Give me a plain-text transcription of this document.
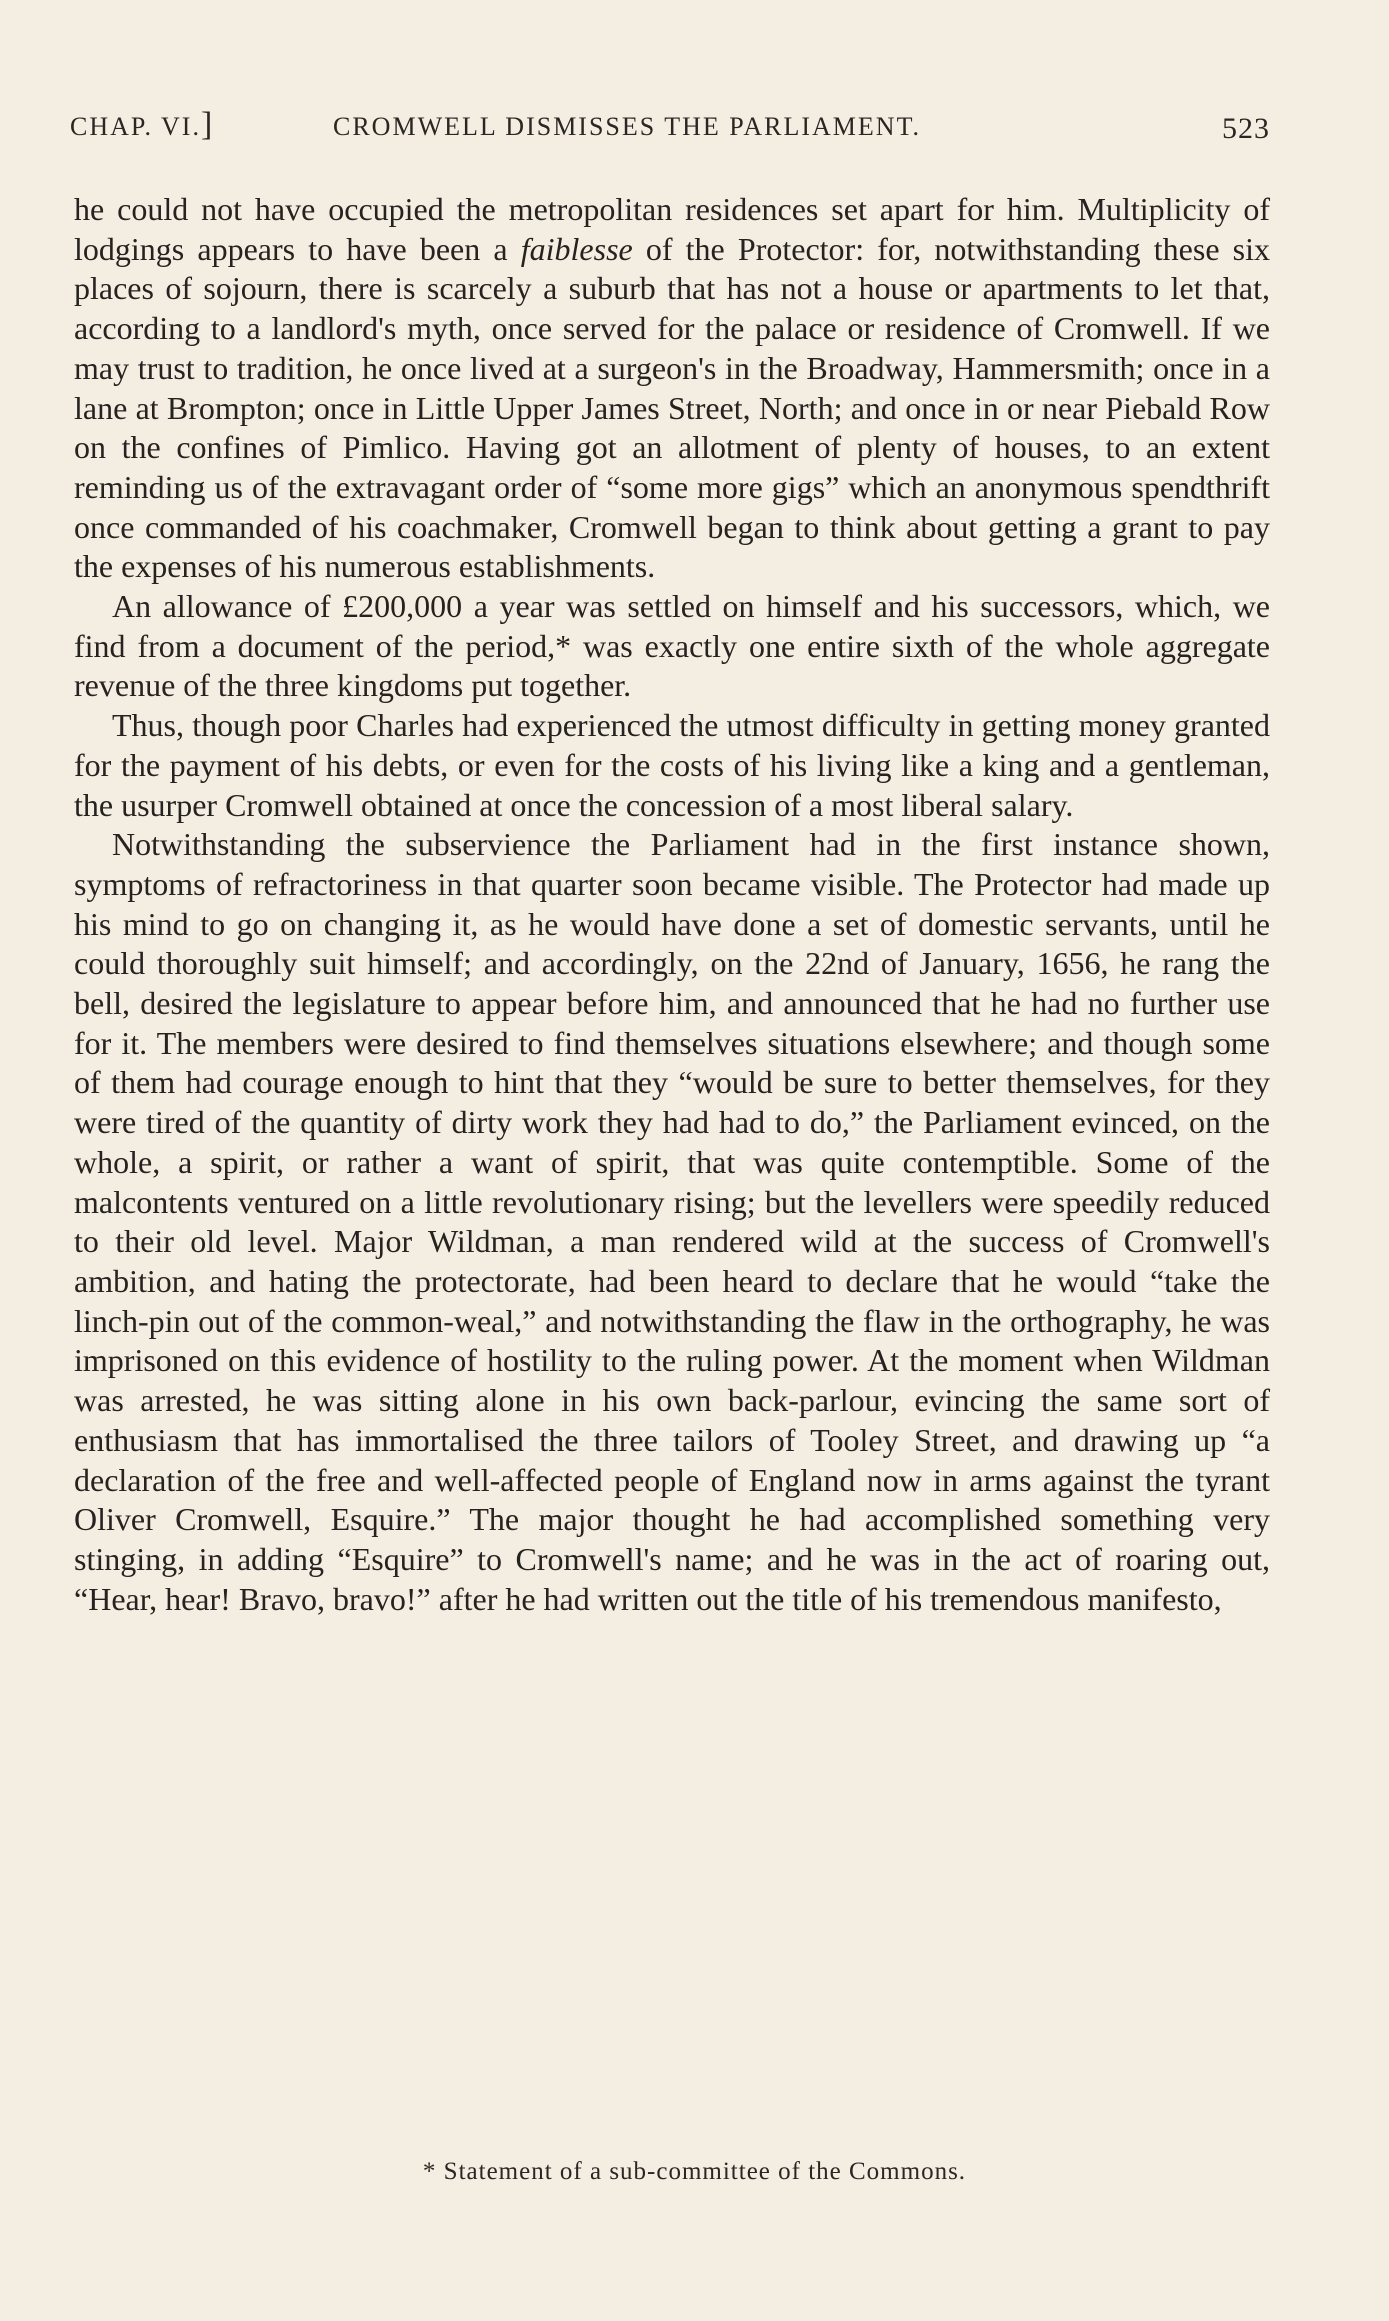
CHAP. VI.]	CROMWELL DISMISSES THE PARLIAMENT.	523

he could not have occupied the metropolitan residences set apart for him. Multiplicity of lodgings appears to have been a faiblesse of the Protector: for, notwithstanding these six places of sojourn, there is scarcely a suburb that has not a house or apartments to let that, according to a landlord's myth, once served for the palace or residence of Cromwell. If we may trust to tradition, he once lived at a surgeon's in the Broadway, Hammersmith; once in a lane at Brompton; once in Little Upper James Street, North; and once in or near Piebald Row on the confines of Pimlico. Having got an allotment of plenty of houses, to an extent reminding us of the extravagant order of “some more gigs” which an anonymous spendthrift once commanded of his coachmaker, Cromwell began to think about getting a grant to pay the expenses of his numerous establishments.

An allowance of £200,000 a year was settled on himself and his successors, which, we find from a document of the period,* was exactly one entire sixth of the whole aggregate revenue of the three kingdoms put together.

Thus, though poor Charles had experienced the utmost difficulty in getting money granted for the payment of his debts, or even for the costs of his living like a king and a gentleman, the usurper Cromwell obtained at once the concession of a most liberal salary.

Notwithstanding the subservience the Parliament had in the first instance shown, symptoms of refractoriness in that quarter soon became visible. The Protector had made up his mind to go on changing it, as he would have done a set of domestic servants, until he could thoroughly suit himself; and accordingly, on the 22nd of January, 1656, he rang the bell, desired the legislature to appear before him, and announced that he had no further use for it. The members were desired to find themselves situations elsewhere; and though some of them had courage enough to hint that they “would be sure to better themselves, for they were tired of the quantity of dirty work they had had to do,” the Parliament evinced, on the whole, a spirit, or rather a want of spirit, that was quite contemptible. Some of the malcontents ventured on a little revolutionary rising; but the levellers were speedily reduced to their old level. Major Wildman, a man rendered wild at the success of Cromwell's ambition, and hating the protectorate, had been heard to declare that he would “take the linch-pin out of the common-weal,” and notwithstanding the flaw in the orthography, he was imprisoned on this evidence of hostility to the ruling power. At the moment when Wildman was arrested, he was sitting alone in his own back-parlour, evincing the same sort of enthusiasm that has immortalised the three tailors of Tooley Street, and drawing up “a declaration of the free and well-affected people of England now in arms against the tyrant Oliver Cromwell, Esquire.” The major thought he had accomplished something very stinging, in adding “Esquire” to Cromwell's name; and he was in the act of roaring out, “Hear, hear! Bravo, bravo!” after he had written out the title of his tremendous manifesto,

* Statement of a sub-committee of the Commons.
